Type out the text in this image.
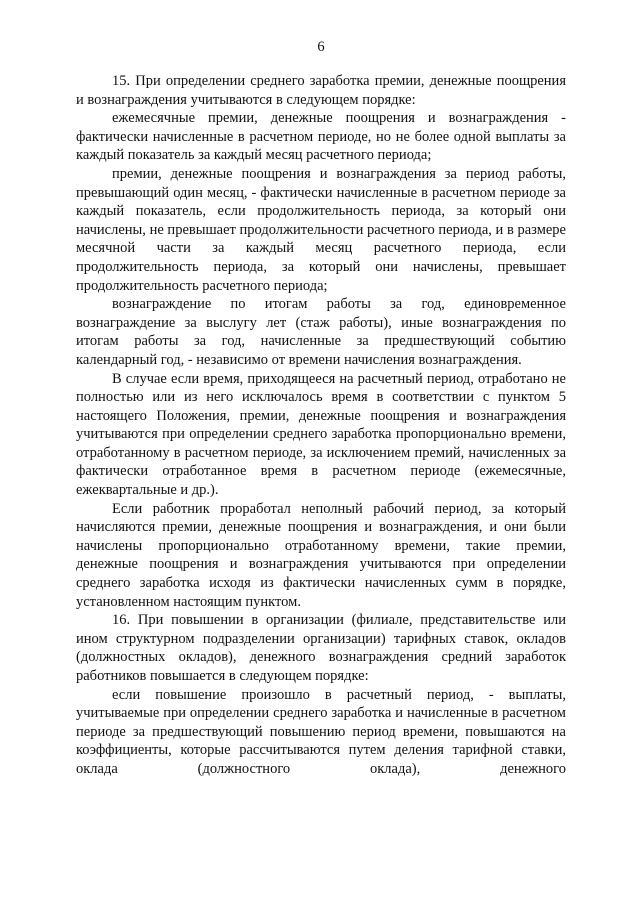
6

15. При определении среднего заработка премии, денежные поощрения и вознаграждения учитываются в следующем порядке:

ежемесячные премии, денежные поощрения и вознаграждения - фактически начисленные в расчетном периоде, но не более одной выплаты за каждый показатель за каждый месяц расчетного периода;

премии, денежные поощрения и вознаграждения за период работы, превышающий один месяц, - фактически начисленные в расчетном периоде за каждый показатель, если продолжительность периода, за который они начислены, не превышает продолжительности расчетного периода, и в размере месячной части за каждый месяц расчетного периода, если продолжительность периода, за который они начислены, превышает продолжительность расчетного периода;

вознаграждение по итогам работы за год, единовременное вознаграждение за выслугу лет (стаж работы), иные вознаграждения по итогам работы за год, начисленные за предшествующий событию календарный год, - независимо от времени начисления вознаграждения.

В случае если время, приходящееся на расчетный период, отработано не полностью или из него исключалось время в соответствии с пунктом 5 настоящего Положения, премии, денежные поощрения и вознаграждения учитываются при определении среднего заработка пропорционально времени, отработанному в расчетном периоде, за исключением премий, начисленных за фактически отработанное время в расчетном периоде (ежемесячные, ежеквартальные и др.).

Если работник проработал неполный рабочий период, за который начисляются премии, денежные поощрения и вознаграждения, и они были начислены пропорционально отработанному времени, такие премии, денежные поощрения и вознаграждения учитываются при определении среднего заработка исходя из фактически начисленных сумм в порядке, установленном настоящим пунктом.

16. При повышении в организации (филиале, представительстве или ином структурном подразделении организации) тарифных ставок, окладов (должностных окладов), денежного вознаграждения средний заработок работников повышается в следующем порядке:

если повышение произошло в расчетный период, - выплаты, учитываемые при определении среднего заработка и начисленные в расчетном периоде за предшествующий повышению период времени, повышаются на коэффициенты, которые рассчитываются путем деления тарифной ставки, оклада (должностного оклада), денежного
